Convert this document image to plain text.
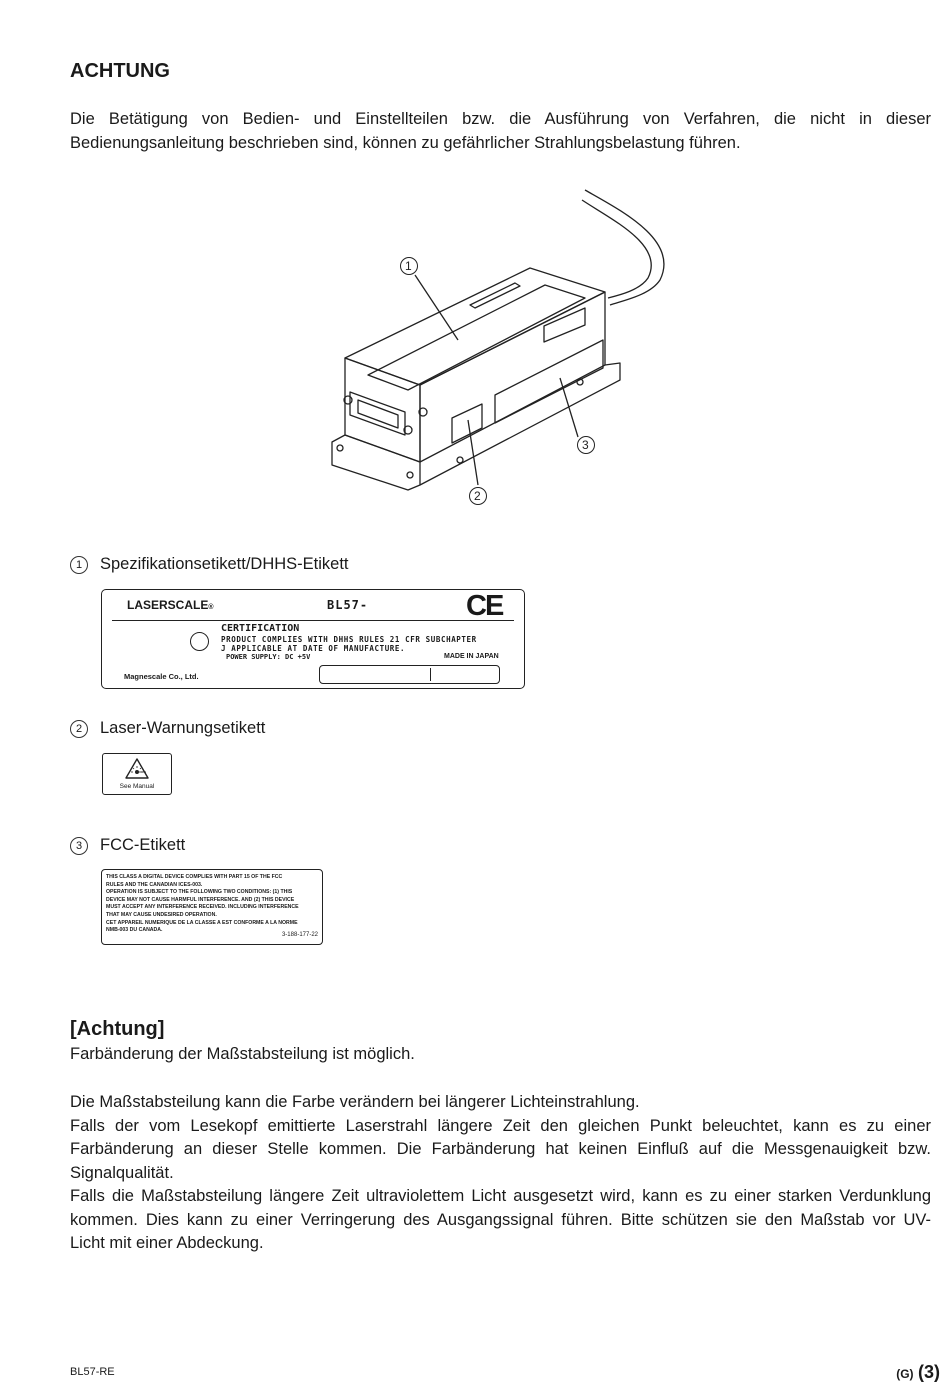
ACHTUNG
Die Betätigung von Bedien- und Einstellteilen bzw. die Ausführung von Verfahren, die nicht in dieser
Bedienungsanleitung beschrieben sind, können zu gefährlicher Strahlungsbelastung führen.
1
2
3
1 Spezifikationsetikett/DHHS-Etikett
LASERSCALE®	BL57-	CE
CERTIFICATION
PRODUCT COMPLIES WITH DHHS RULES 21 CFR SUBCHAPTER
J APPLICABLE AT DATE OF MANUFACTURE.
POWER SUPPLY: DC +5V	MADE IN JAPAN
Magnescale Co., Ltd.
2 Laser-Warnungsetikett
See Manual
3 FCC-Etikett
THIS CLASS A DIGITAL DEVICE COMPLIES WITH PART 15 OF THE FCC
RULES AND THE CANADIAN ICES-003.
OPERATION IS SUBJECT TO THE FOLLOWING TWO CONDITIONS: (1) THIS
DEVICE MAY NOT CAUSE HARMFUL INTERFERENCE. AND (2) THIS DEVICE
MUST ACCEPT ANY INTERFERENCE RECEIVED. INCLUDING INTERFERENCE
THAT MAY CAUSE UNDESIRED OPERATION.
CET APPAREIL NUMERIQUE DE LA CLASSE A EST CONFORME A LA NORME
NMB-003 DU CANADA.
3-188-177-22
[Achtung]
Farbänderung der Maßstabsteilung ist möglich.
Die Maßstabsteilung kann die Farbe verändern bei längerer Lichteinstrahlung.
Falls der vom Lesekopf emittierte Laserstrahl längere Zeit den gleichen Punkt beleuchtet, kann es zu einer
Farbänderung an dieser Stelle kommen. Die Farbänderung hat keinen Einfluß auf die Messgenauigkeit bzw.
Signalqualität.
Falls die Maßstabsteilung längere Zeit ultraviolettem Licht ausgesetzt wird, kann es zu einer starken Verdunklung
kommen. Dies kann zu einer Verringerung des Ausgangssignal führen. Bitte schützen sie den Maßstab vor UV-
Licht mit einer Abdeckung.
BL57-RE	(G) (3)
